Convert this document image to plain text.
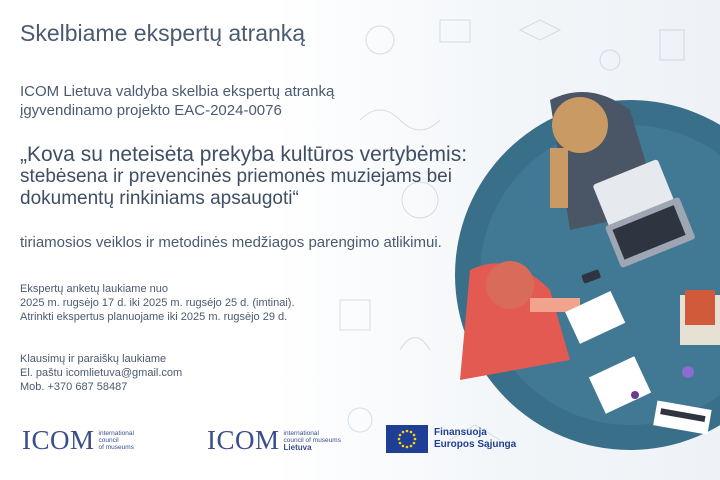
Skelbiame ekspertų atranką
ICOM Lietuva valdyba skelbia ekspertų atranką
įgyvendinamo projekto EAC-2024-0076
„Kova su neteisėta prekyba kultūros vertybėmis:
stebėsena ir prevencinės priemonės muziejams bei
dokumentų rinkiniams apsaugoti“
tiriamosios veiklos ir metodinės medžiagos parengimo atlikimui.
Ekspertų anketų laukiame nuo
2025 m. rugsėjo 17 d. iki 2025 m. rugsėjo 25 d. (imtinai).
Atrinkti ekspertus planuojame iki 2025 m. rugsėjo 29 d.
Klausimų ir paraiškų laukiame
El. paštu icomlietuva@gmail.com
Mob. +370 687 58487
ICOM international
council
of museums	ICOM international
council of museums
Lietuva
Finansuoja
Europos Sąjunga
